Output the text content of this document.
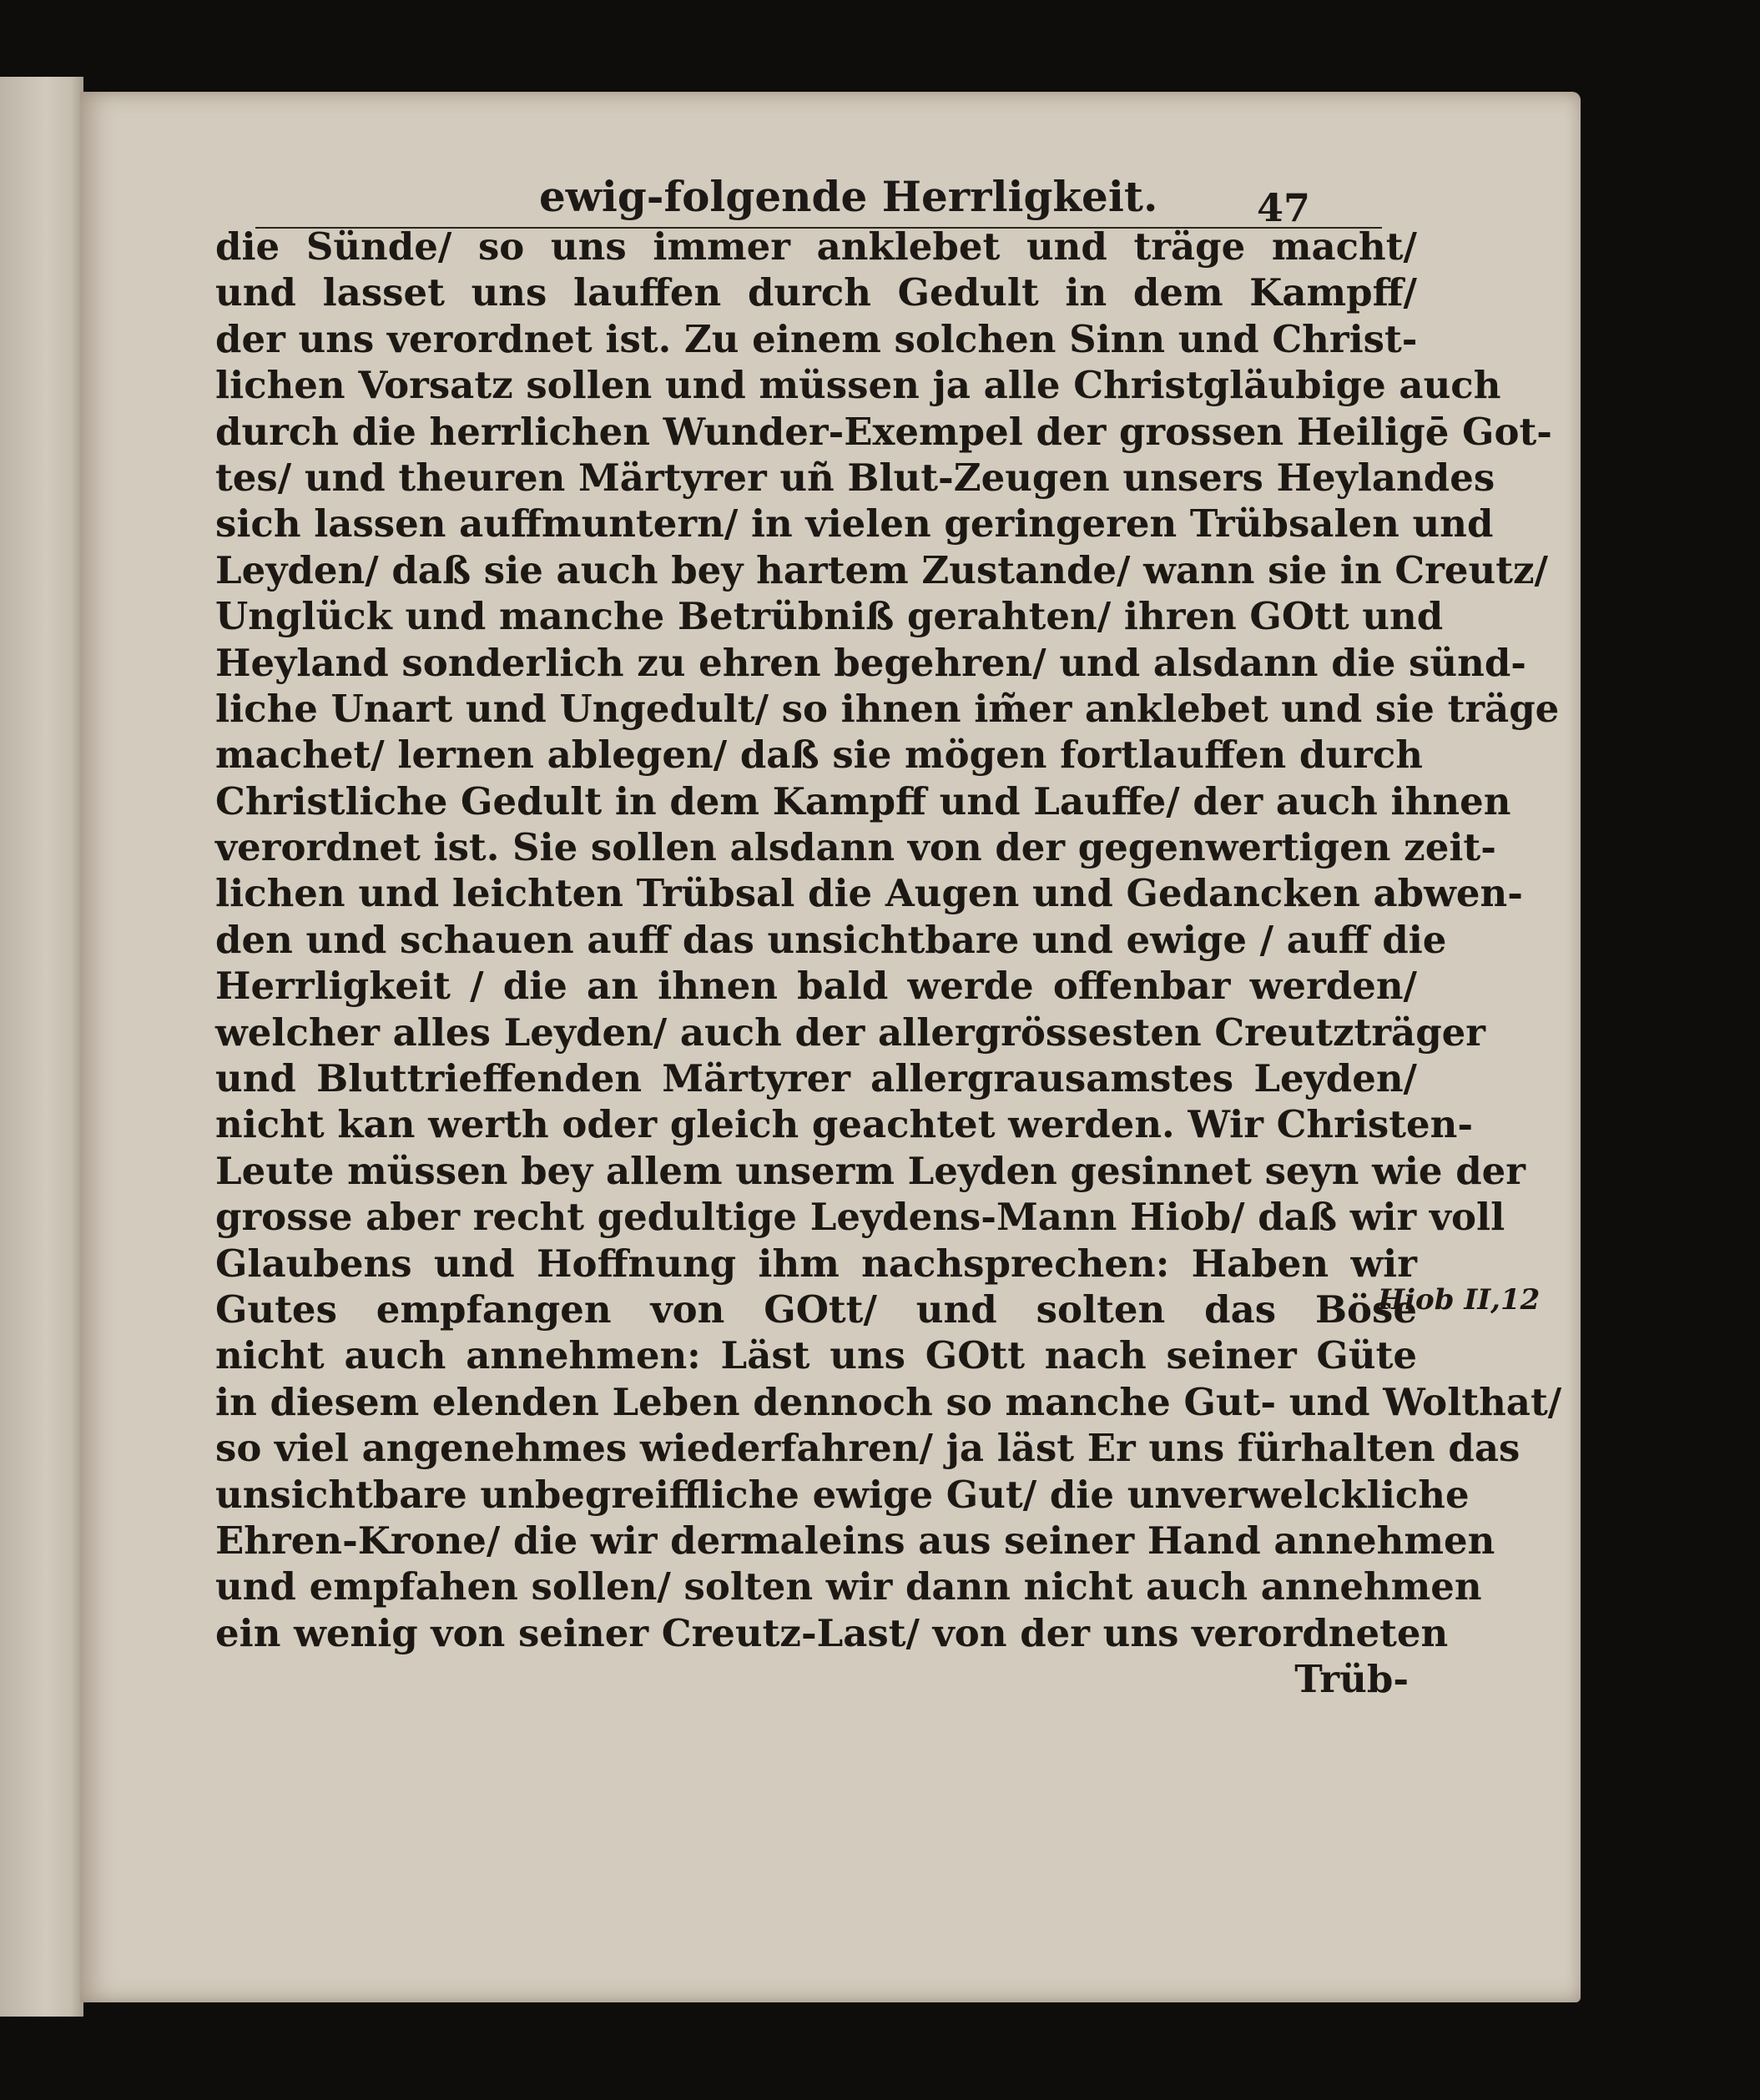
ewig-folgende Herrligkeit.	47
die Sünde/ so uns immer anklebet und träge macht/
und lasset uns lauffen durch Gedult in dem Kampff/
der uns verordnet ist. Zu einem solchen Sinn und Christ-
lichen Vorsatz sollen und müssen ja alle Christgläubige auch
durch die herrlichen Wunder-Exempel der grossen Heiligē Got-
tes/ und theuren Märtyrer uñ Blut-Zeugen unsers Heylandes
sich lassen auffmuntern/ in vielen geringeren Trübsalen und
Leyden/ daß sie auch bey hartem Zustande/ wann sie in Creutz/
Unglück und manche Betrübniß gerahten/ ihren GOtt und
Heyland sonderlich zu ehren begehren/ und alsdann die sünd-
liche Unart und Ungedult/ so ihnen im̃er anklebet und sie träge
machet/ lernen ablegen/ daß sie mögen fortlauffen durch
Christliche Gedult in dem Kampff und Lauffe/ der auch ihnen
verordnet ist. Sie sollen alsdann von der gegenwertigen zeit-
lichen und leichten Trübsal die Augen und Gedancken abwen-
den und schauen auff das unsichtbare und ewige / auff die
Herrligkeit / die an ihnen bald werde offenbar werden/
welcher alles Leyden/ auch der allergrössesten Creutzträger
und Bluttrieffenden Märtyrer allergrausamstes Leyden/
nicht kan werth oder gleich geachtet werden. Wir Christen-
Leute müssen bey allem unserm Leyden gesinnet seyn wie der
grosse aber recht gedultige Leydens-Mann Hiob/ daß wir voll
Glaubens und Hoffnung ihm nachsprechen: Haben wir
Gutes empfangen von GOtt/ und solten das Böse
nicht auch annehmen: Läst uns GOtt nach seiner Güte
in diesem elenden Leben dennoch so manche Gut- und Wolthat/
so viel angenehmes wiederfahren/ ja läst Er uns fürhalten das
unsichtbare unbegreiffliche ewige Gut/ die unverwelckliche
Ehren-Krone/ die wir dermaleins aus seiner Hand annehmen
und empfahen sollen/ solten wir dann nicht auch annehmen
ein wenig von seiner Creutz-Last/ von der uns verordneten
Trüb-
Hiob II,12
